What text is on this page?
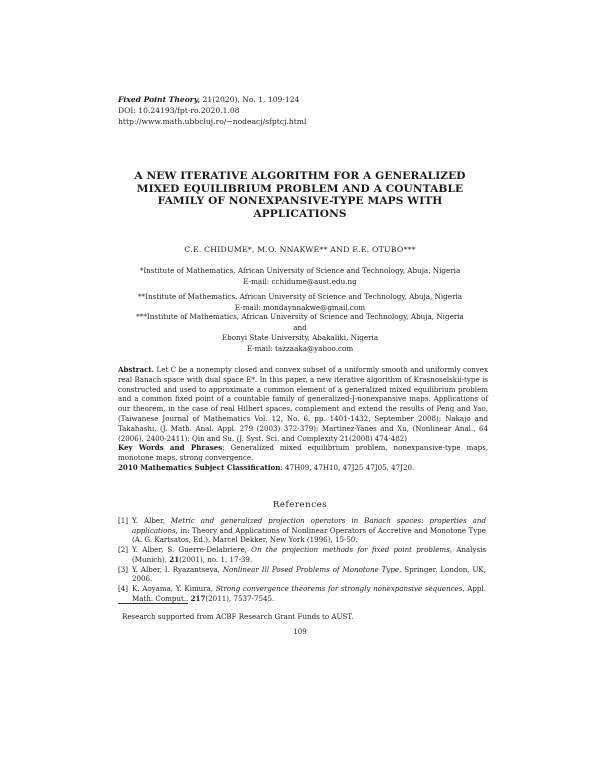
Fixed Point Theory, 21(2020), No. 1, 109-124
DOI: 10.24193/fpt-ro.2020.1.08
http://www.math.ubbcluj.ro/~nodeacj/sfptcj.html
A NEW ITERATIVE ALGORITHM FOR A GENERALIZED
MIXED EQUILIBRIUM PROBLEM AND A COUNTABLE
FAMILY OF NONEXPANSIVE-TYPE MAPS WITH
APPLICATIONS
C.E. CHIDUME*, M.O. NNAKWE** AND E.E. OTUBO***
*Institute of Mathematics, African University of Science and Technology, Abuja, Nigeria
E-mail: cchidume@aust.edu.ng
**Institute of Mathematics, African University of Science and Technology, Abuja, Nigeria
E-mail: mondaynnakwe@gmail.com
***Institute of Mathematics, African University of Science and Technology, Abuja, Nigeria
and
Ebonyi State University, Abakaliki, Nigeria
E-mail: tazzaaka@yahoo.com

Abstract. Let C be a nonempty closed and convex subset of a uniformly smooth and uniformly convex real Banach space with dual space E*. In this paper, a new iterative algorithm of Krasnoselskii-type is constructed and used to approximate a common element of a generalized mixed equilibrium problem and a common fixed point of a countable family of generalized-J-nonexpansive maps. Applications of our theorem, in the case of real Hilbert spaces, complement and extend the results of Peng and Yao, (Taiwanese Journal of Mathematics Vol. 12, No. 6, pp. 1401-1432, September 2008); Nakajo and Takahashi, (J. Math. Anal. Appl. 279 (2003) 372-379); Martinez-Yanes and Xu, (Nonlinear Anal., 64 (2006), 2400-2411); Qin and Su, (J. Syst. Sci. and Complexity 21(2008) 474-482)

Key Words and Phrases: Generalized mixed equilibrium problem, nonexpansive-type maps, monotone maps, strong convergence.

2010 Mathematics Subject Classification: 47H09, 47H10, 47J25 47J05, 47J20.

References
[1] Y. Alber, Metric and generalized projection operators in Banach spaces: properties and applications, in: Theory and Applications of Nonlinear Operators of Accretive and Monotone Type (A. G. Kartsatos, Ed.), Marcel Dekker, New York (1996), 15-50.
[2] Y. Alber, S. Guerre-Delabriere, On the projection methods for fixed point problems, Analysis (Munich), 21(2001), no. 1, 17-39.
[3] Y. Alber, I. Ryazantseva, Nonlinear Ill Posed Problems of Monotone Type, Springer, London, UK, 2006.
[4] K. Aoyama, Y. Kimura, Strong convergence theorems for strongly nonexpansive sequences, Appl. Math. Comput., 217(2011), 7537-7545.
Research supported from ACBF Research Grant Funds to AUST.
109
